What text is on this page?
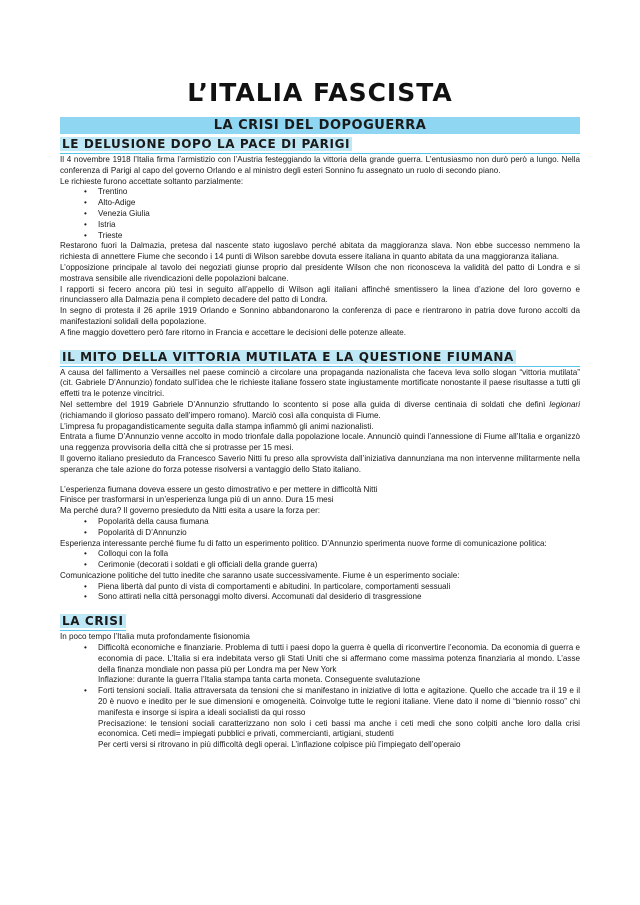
L’ITALIA FASCISTA
LA CRISI DEL DOPOGUERRA
LE DELUSIONE DOPO LA PACE DI PARIGI

Il 4 novembre 1918 l’Italia firma l’armistizio con l’Austria festeggiando la vittoria della grande guerra. L’entusiasmo non durò però a lungo. Nella conferenza di Parigi al capo del governo Orlando e al ministro degli esteri Sonnino fu assegnato un ruolo di secondo piano.

Le richieste furono accettate soltanto parzialmente:

• Trentino
• Alto-Adige
• Venezia Giulia
• Istria
• Trieste

Restarono fuori la Dalmazia, pretesa dal nascente stato iugoslavo perché abitata da maggioranza slava. Non ebbe successo nemmeno la richiesta di annettere Fiume che secondo i 14 punti di Wilson sarebbe dovuta essere italiana in quanto abitata da una maggioranza italiana.

L’opposizione principale al tavolo dei negoziati giunse proprio dal presidente Wilson che non riconosceva la validità del patto di Londra e si mostrava sensibile alle rivendicazioni delle popolazioni balcane.

I rapporti si fecero ancora più tesi in seguito all’appello di Wilson agli italiani affinché smentissero la linea d’azione del loro governo e rinunciassero alla Dalmazia pena il completo decadere del patto di Londra.

In segno di protesta il 26 aprile 1919 Orlando e Sonnino abbandonarono la conferenza di pace e rientrarono in patria dove furono accolti da manifestazioni solidali della popolazione.

A fine maggio dovettero però fare ritorno in Francia e accettare le decisioni delle potenze alleate.

IL MITO DELLA VITTORIA MUTILATA E LA QUESTIONE FIUMANA

A causa del fallimento a Versailles nel paese cominciò a circolare una propaganda nazionalista che faceva leva sollo slogan “vittoria mutilata” (cit. Gabriele D’Annunzio) fondato sull’idea che le richieste italiane fossero state ingiustamente mortificate nonostante il paese risultasse a tutti gli effetti tra le potenze vincitrici.

Nel settembre del 1919 Gabriele D’Annunzio sfruttando lo scontento si pose alla guida di diverse centinaia di soldati che definì legionari (richiamando il glorioso passato dell’impero romano). Marciò così alla conquista di Fiume.

L’impresa fu propagandisticamente seguita dalla stampa infiammò gli animi nazionalisti.

Entrata a fiume D’Annunzio venne accolto in modo trionfale dalla popolazione locale. Annunciò quindi l’annessione di Fiume all’Italia e organizzò una reggenza provvisoria della città che si protrasse per 15 mesi.

Il governo italiano presieduto da Francesco Saverio Nitti fu preso alla sprovvista dall’iniziativa dannunziana ma non intervenne militarmente nella speranza che tale azione do forza potesse risolversi a vantaggio dello Stato italiano.

L’esperienza fiumana doveva essere un gesto dimostrativo e per mettere in difficoltà Nitti

Finisce per trasformarsi in un’esperienza lunga più di un anno. Dura 15 mesi

Ma perché dura? Il governo presieduto da Nitti esita a usare la forza per:

• Popolarità della causa fiumana
• Popolarità di D’Annunzio

Esperienza interessante perché fiume fu di fatto un esperimento politico. D’Annunzio sperimenta nuove forme di comunicazione politica:

• Colloqui con la folla
• Cerimonie (decorati i soldati e gli officiali della grande guerra)

Comunicazione politiche del tutto inedite che saranno usate successivamente. Fiume è un esperimento sociale:

• Piena libertà dal punto di vista di comportamenti e abitudini. In particolare, comportamenti sessuali
• Sono attirati nella città personaggi molto diversi. Accomunati dal desiderio di trasgressione
LA CRISI

In poco tempo l’Italia muta profondamente fisionomia

• Difficoltà economiche e finanziarie. Problema di tutti i paesi dopo la guerra è quella di riconvertire l’economia. Da economia di guerra e economia di pace. L’Italia si era indebitata verso gli Stati Uniti che si affermano come massima potenza finanziaria al mondo. L’asse della finanza mondiale non passa più per Londra ma per New York

Inflazione: durante la guerra l’Italia stampa tanta carta moneta. Conseguente svalutazione

• Forti tensioni sociali. Italia attraversata da tensioni che si manifestano in iniziative di lotta e agitazione. Quello che accade tra il 19 e il 20 è nuovo e inedito per le sue dimensioni e omogeneità. Coinvolge tutte le regioni italiane. Viene dato il nome di “biennio rosso” chi manifesta e insorge si ispira a ideali socialisti da qui rosso

Precisazione: le tensioni sociali caratterizzano non solo i ceti bassi ma anche i ceti medi che sono colpiti anche loro dalla crisi economica. Ceti medi= impiegati pubblici e privati, commercianti, artigiani, studenti

Per certi versi si ritrovano in più difficoltà degli operai. L’inflazione colpisce più l’impiegato dell’operaio
